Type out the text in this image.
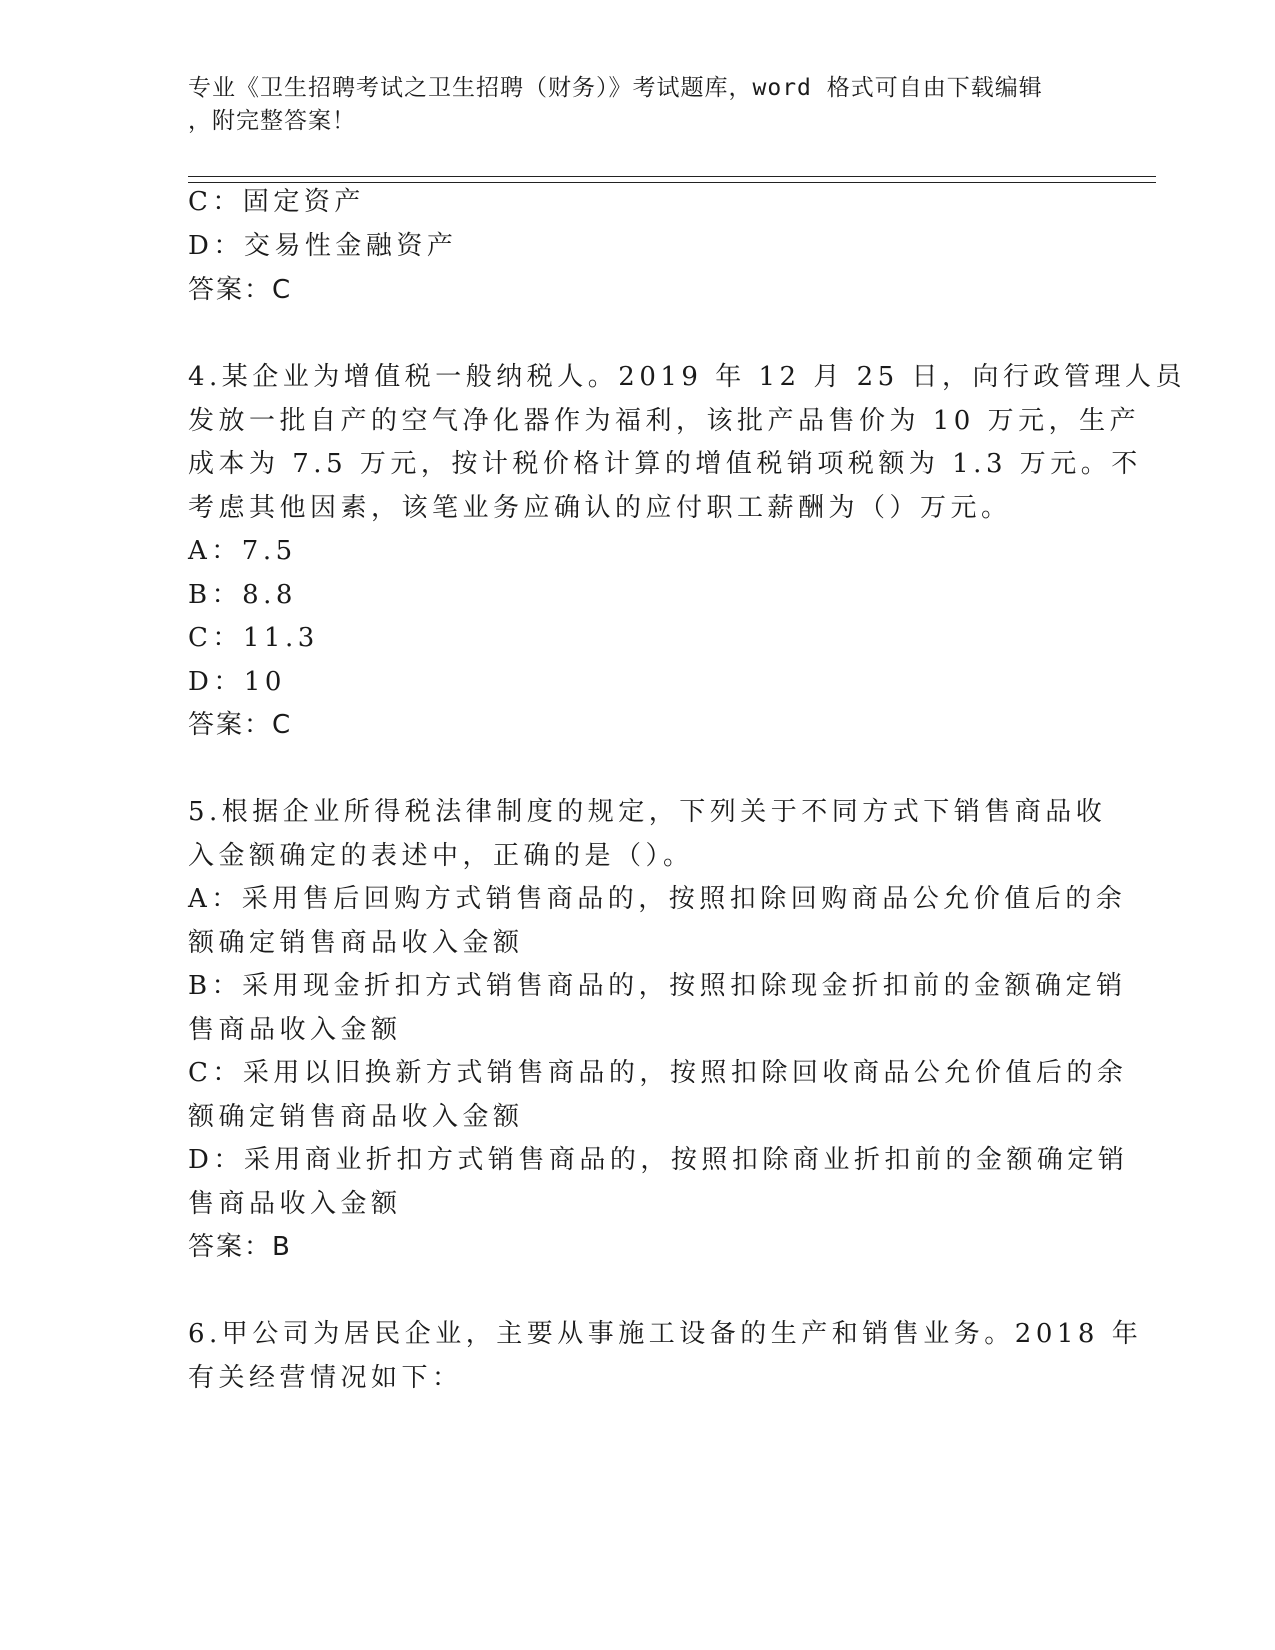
专业《卫生招聘考试之卫生招聘（财务）》考试题库，word 格式可自由下载编辑
，附完整答案！
C：固定资产
D：交易性金融资产
答案：C
4.某企业为增值税一般纳税人。2019 年 12 月 25 日，向行政管理人员
发放一批自产的空气净化器作为福利，该批产品售价为 10 万元，生产
成本为 7.5 万元，按计税价格计算的增值税销项税额为 1.3 万元。不
考虑其他因素，该笔业务应确认的应付职工薪酬为（）万元。
A：7.5
B：8.8
C：11.3
D：10
答案：C
5.根据企业所得税法律制度的规定，下列关于不同方式下销售商品收
入金额确定的表述中，正确的是（）。
A：采用售后回购方式销售商品的，按照扣除回购商品公允价值后的余
额确定销售商品收入金额
B：采用现金折扣方式销售商品的，按照扣除现金折扣前的金额确定销
售商品收入金额
C：采用以旧换新方式销售商品的，按照扣除回收商品公允价值后的余
额确定销售商品收入金额
D：采用商业折扣方式销售商品的，按照扣除商业折扣前的金额确定销
售商品收入金额
答案：B
6.甲公司为居民企业，主要从事施工设备的生产和销售业务。2018 年
有关经营情况如下：
